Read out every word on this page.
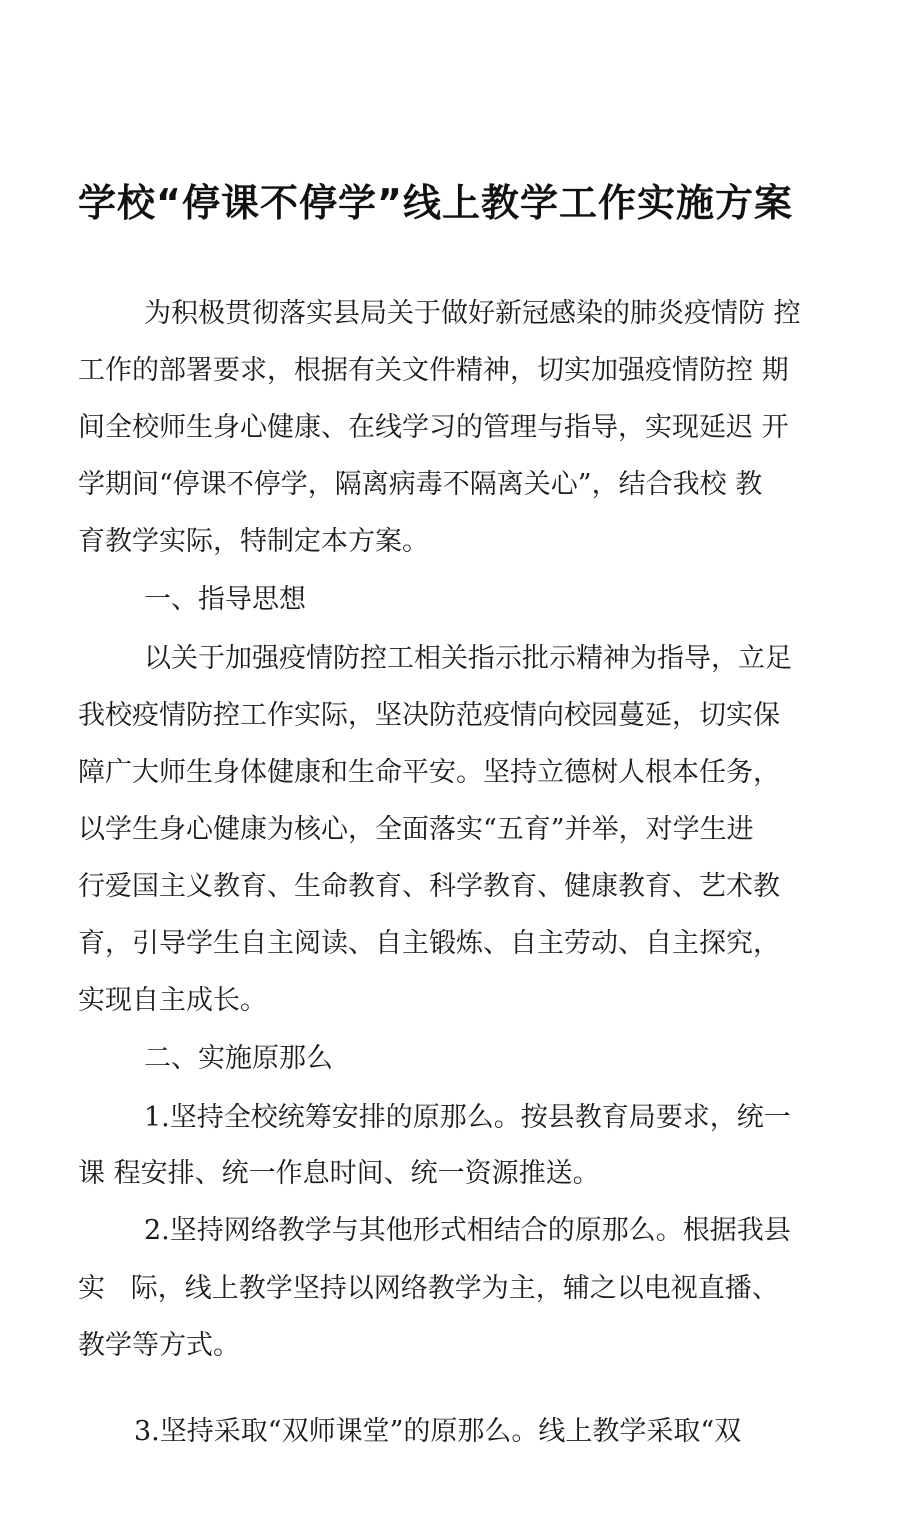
学校“停课不停学”线上教学工作实施方案
为积极贯彻落实县局关于做好新冠感染的肺炎疫情防 控
工作的部署要求，根据有关文件精神，切实加强疫情防控 期
间全校师生身心健康、在线学习的管理与指导，实现延迟 开
学期间“停课不停学，隔离病毒不隔离关心”，结合我校 教
育教学实际，特制定本方案。
一、指导思想
以关于加强疫情防控工相关指示批示精神为指导，立足
我校疫情防控工作实际，坚决防范疫情向校园蔓延，切实保
障广大师生身体健康和生命平安。坚持立德树人根本任务，
以学生身心健康为核心，全面落实“五育”并举，对学生进
行爱国主义教育、生命教育、科学教育、健康教育、艺术教
育，引导学生自主阅读、自主锻炼、自主劳动、自主探究，
实现自主成长。
二、实施原那么
1.坚持全校统筹安排的原那么。按县教育局要求，统一
课 程安排、统一作息时间、统一资源推送。
2.坚持网络教学与其他形式相结合的原那么。根据我县
实   际，线上教学坚持以网络教学为主，辅之以电视直播、
教学等方式。
3.坚持采取“双师课堂”的原那么。线上教学采取“双
